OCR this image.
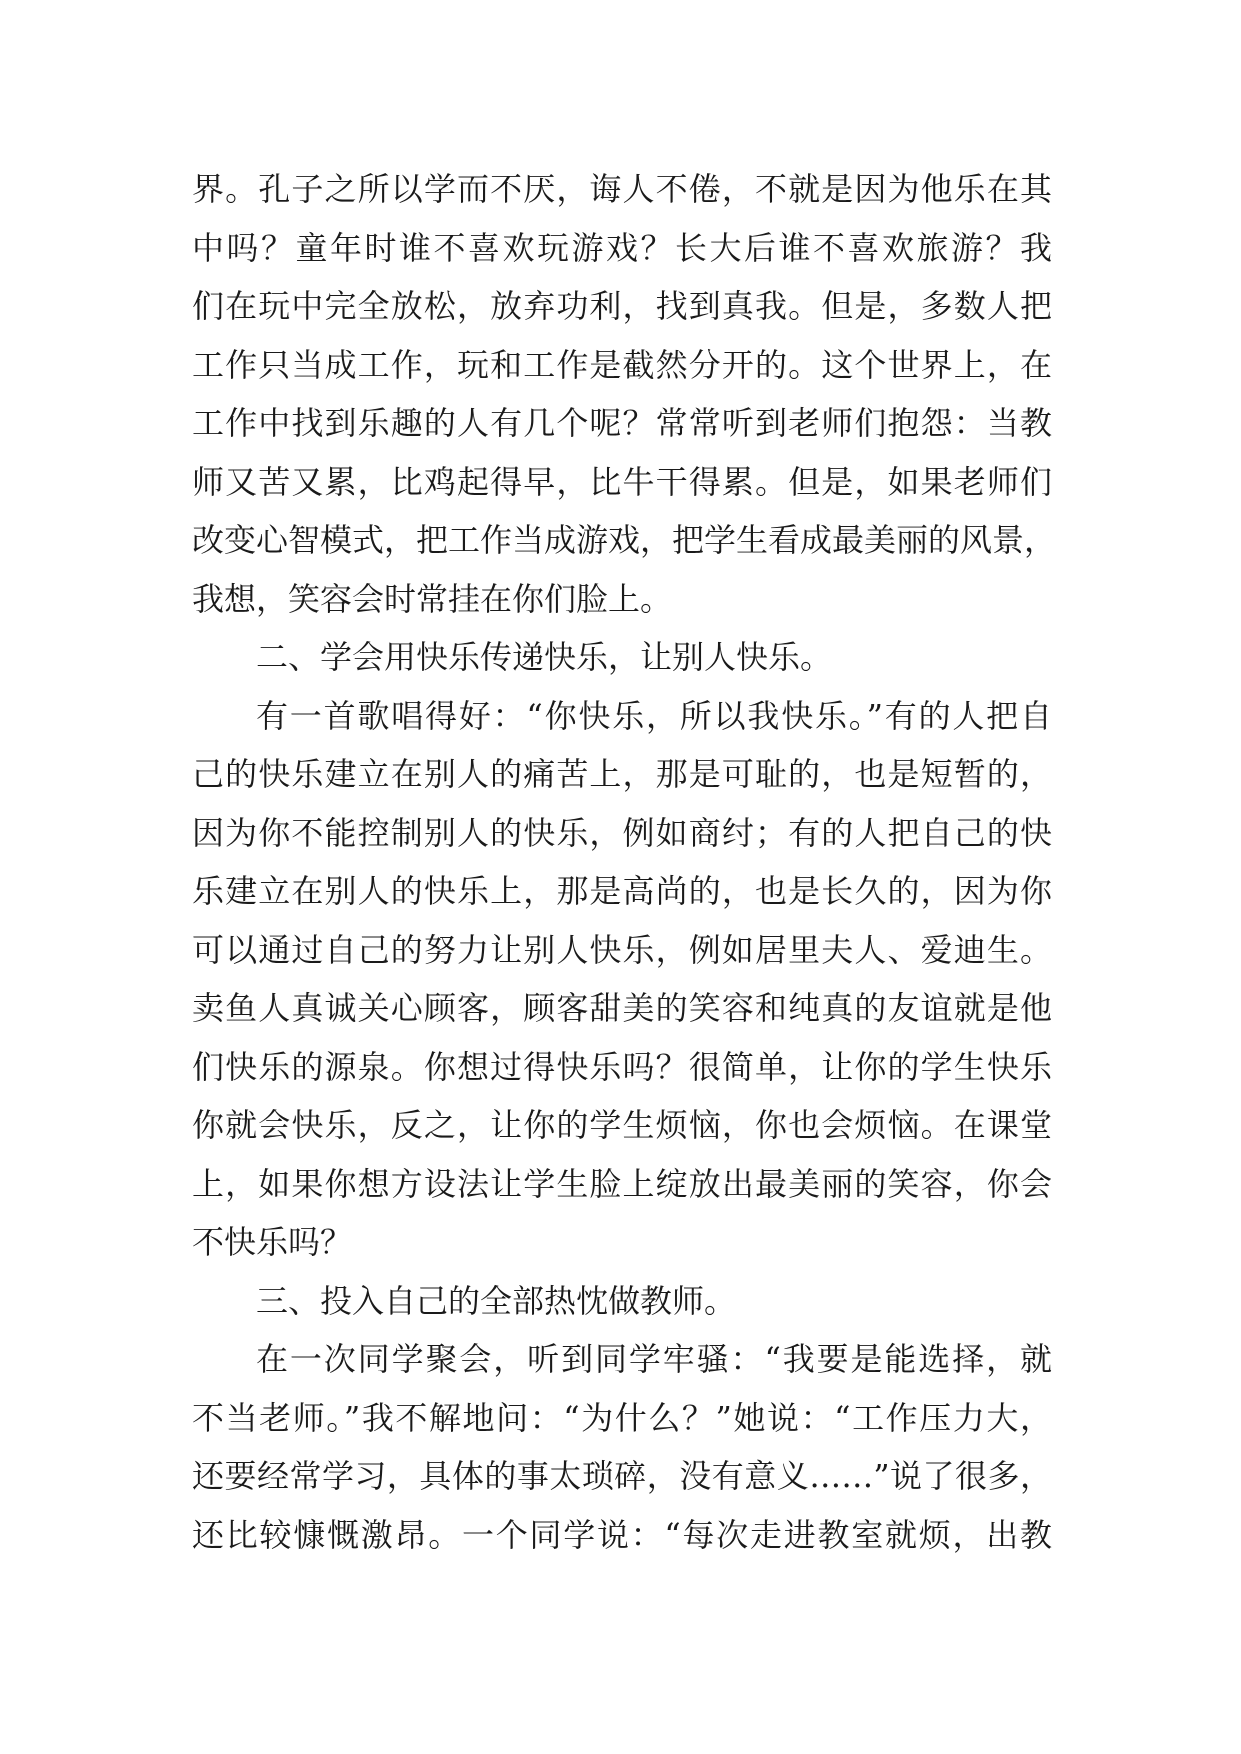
界。孔子之所以学而不厌，诲人不倦，不就是因为他乐在其
中吗？童年时谁不喜欢玩游戏？长大后谁不喜欢旅游？我
们在玩中完全放松，放弃功利，找到真我。但是，多数人把
工作只当成工作，玩和工作是截然分开的。这个世界上，在
工作中找到乐趣的人有几个呢？常常听到老师们抱怨：当教
师又苦又累，比鸡起得早，比牛干得累。但是，如果老师们
改变心智模式，把工作当成游戏，把学生看成最美丽的风景，
我想，笑容会时常挂在你们脸上。
二、学会用快乐传递快乐，让别人快乐。
有一首歌唱得好：“你快乐，所以我快乐。”有的人把自
己的快乐建立在别人的痛苦上，那是可耻的，也是短暂的，
因为你不能控制别人的快乐，例如商纣；有的人把自己的快
乐建立在别人的快乐上，那是高尚的，也是长久的，因为你
可以通过自己的努力让别人快乐，例如居里夫人、爱迪生。
卖鱼人真诚关心顾客，顾客甜美的笑容和纯真的友谊就是他
们快乐的源泉。你想过得快乐吗？很简单，让你的学生快乐
你就会快乐，反之，让你的学生烦恼，你也会烦恼。在课堂
上，如果你想方设法让学生脸上绽放出最美丽的笑容，你会
不快乐吗？
三、投入自己的全部热忱做教师。
在一次同学聚会，听到同学牢骚：“我要是能选择，就
不当老师。”我不解地问：“为什么？”她说：“工作压力大，
还要经常学习，具体的事太琐碎，没有意义……”说了很多，
还比较慷慨激昂。一个同学说：“每次走进教室就烦，出教
